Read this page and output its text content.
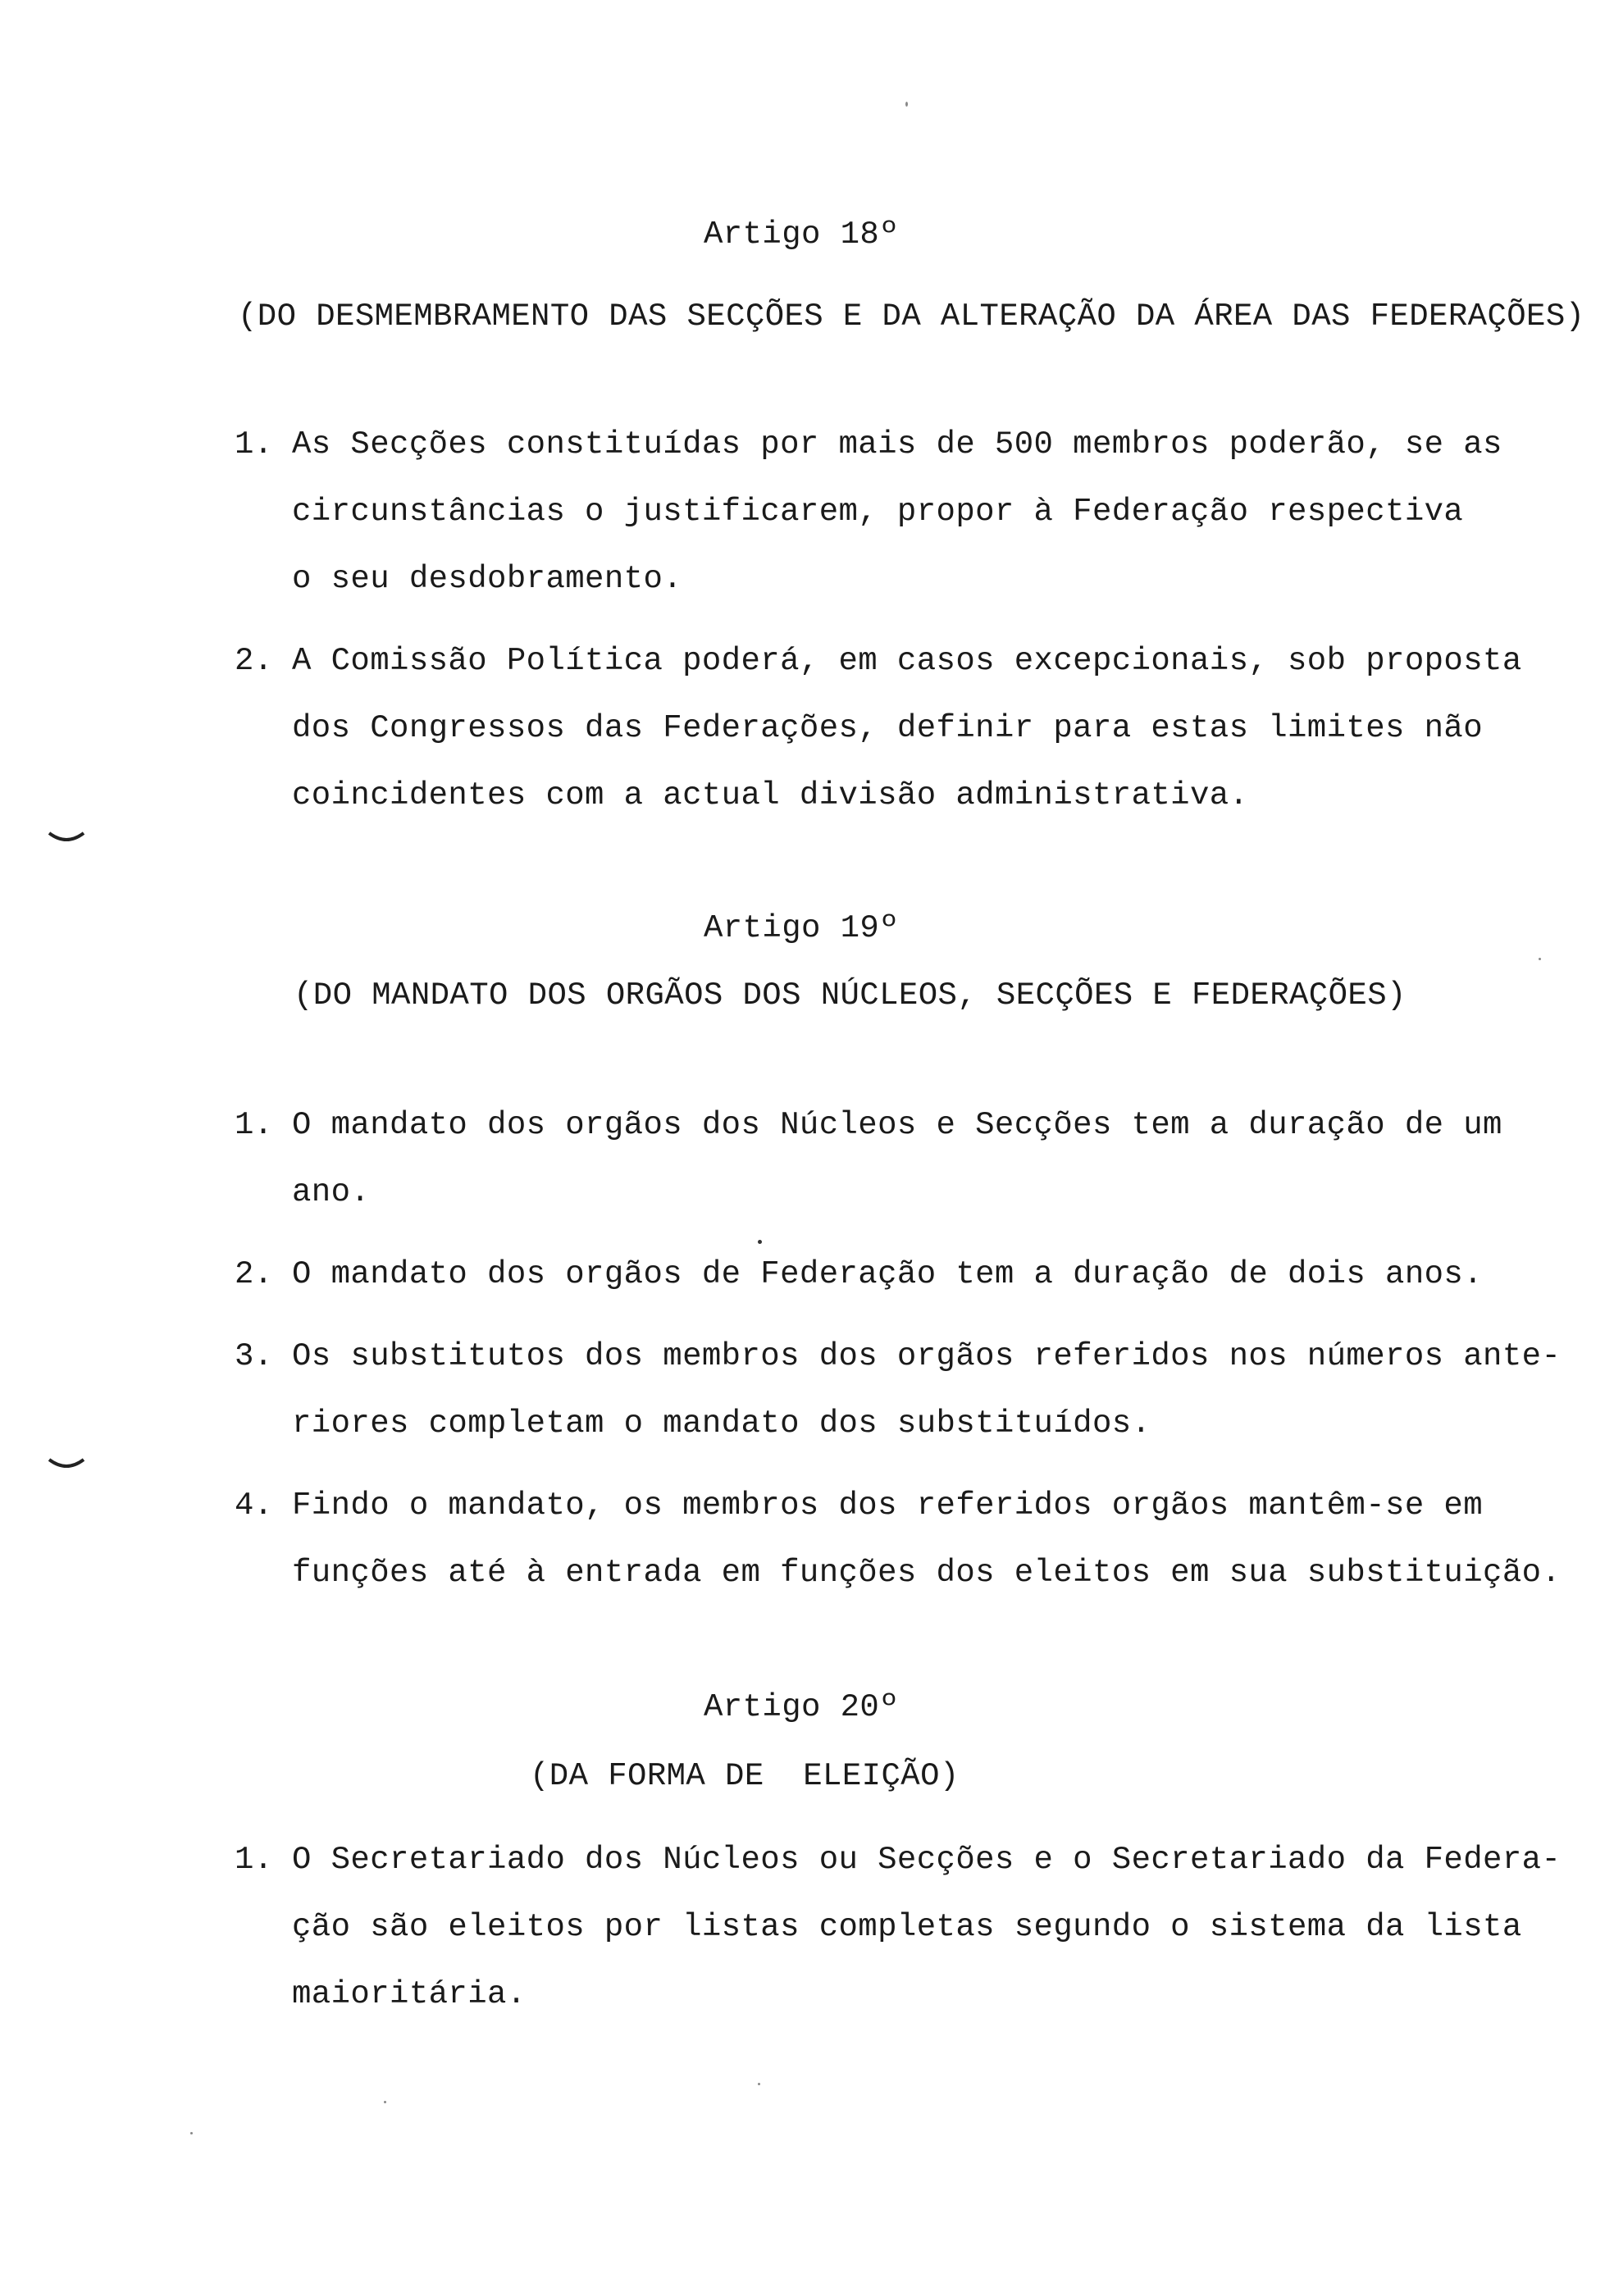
Artigo 18º
(DO DESMEMBRAMENTO DAS SECÇÕES E DA ALTERAÇÃO DA ÁREA DAS FEDERAÇÕES)
1. As Secções constituídas por mais de 500 membros poderão, se as
circunstâncias o justificarem, propor à Federação respectiva
o seu desdobramento.
2. A Comissão Política poderá, em casos excepcionais, sob proposta
dos Congressos das Federações, definir para estas limites não
coincidentes com a actual divisão administrativa.
Artigo 19º
(DO MANDATO DOS ORGÃOS DOS NÚCLEOS, SECÇÕES E FEDERAÇÕES)
1. O mandato dos orgãos dos Núcleos e Secções tem a duração de um
ano.
2. O mandato dos orgãos de Federação tem a duração de dois anos.
3. Os substitutos dos membros dos orgãos referidos nos números ante-
riores completam o mandato dos substituídos.
4. Findo o mandato, os membros dos referidos orgãos mantêm-se em
funções até à entrada em funções dos eleitos em sua substituição.
Artigo 20º
(DA FORMA DE  ELEIÇÃO)
1. O Secretariado dos Núcleos ou Secções e o Secretariado da Federa-
ção são eleitos por listas completas segundo o sistema da lista
maioritária.
